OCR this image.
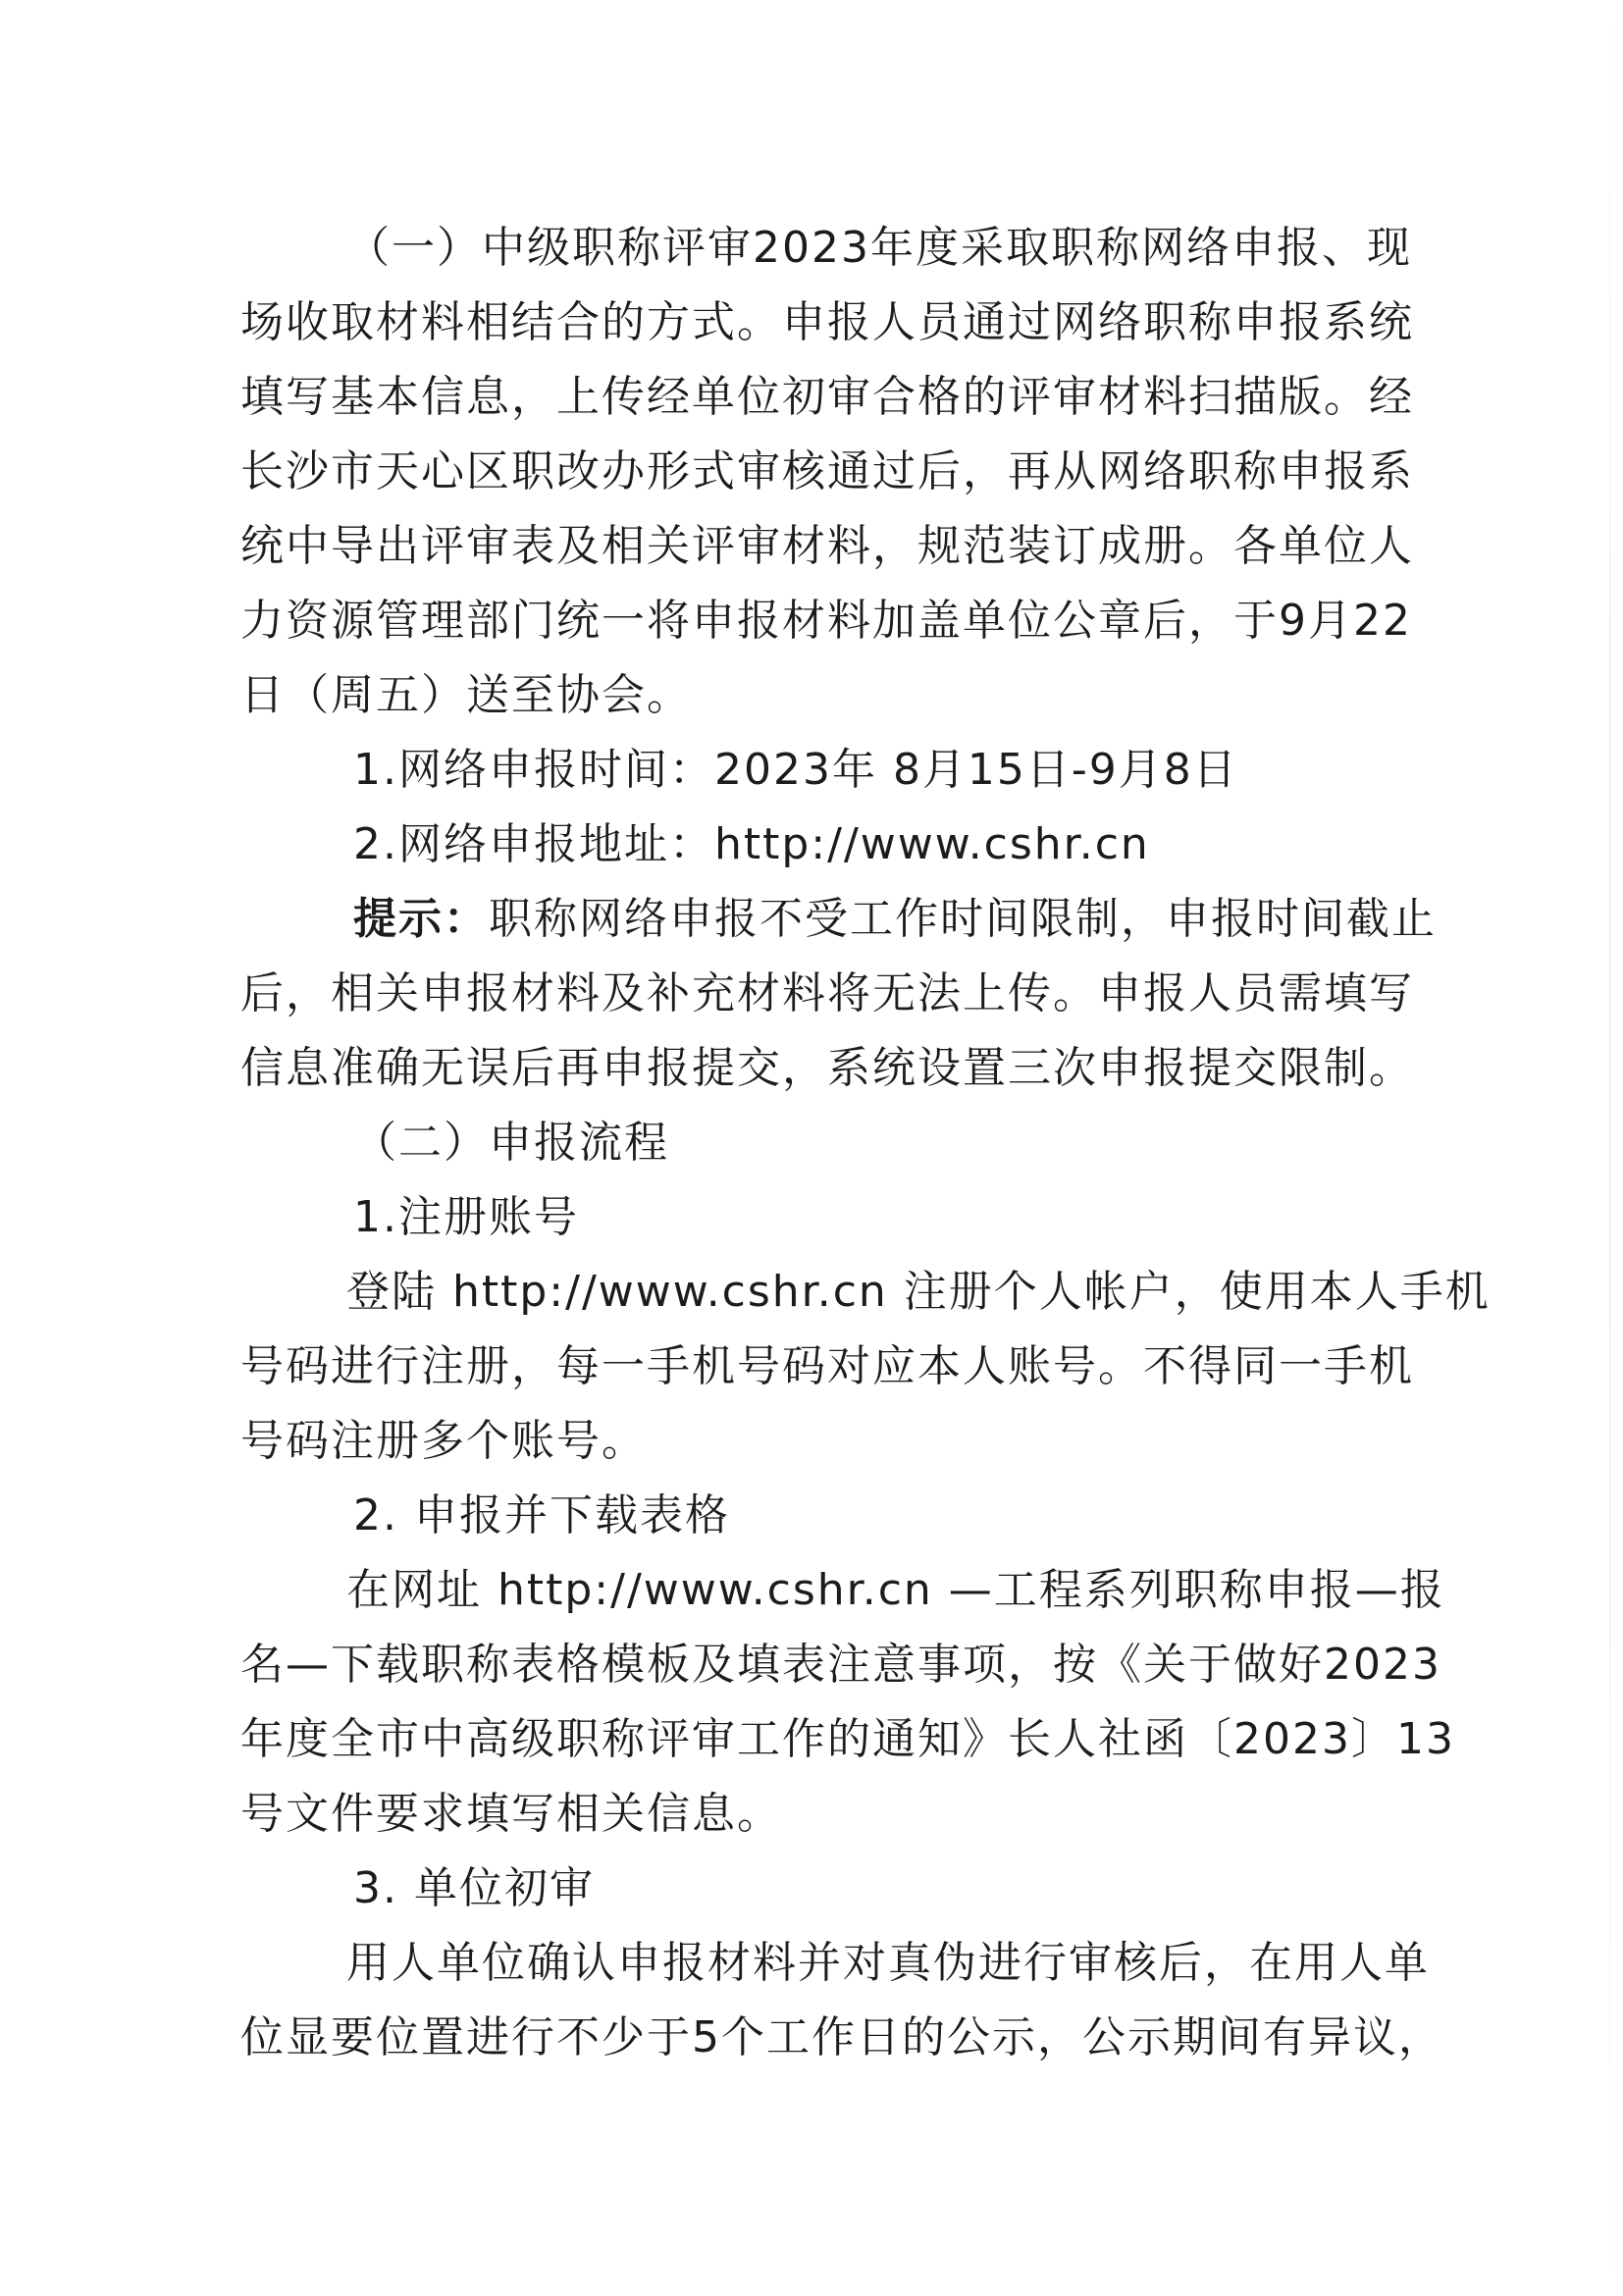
（一）中级职称评审2023年度采取职称网络申报、现
场收取材料相结合的方式。申报人员通过网络职称申报系统
填写基本信息，上传经单位初审合格的评审材料扫描版。经
长沙市天心区职改办形式审核通过后，再从网络职称申报系
统中导出评审表及相关评审材料，规范装订成册。各单位人
力资源管理部门统一将申报材料加盖单位公章后，于9月22
日（周五）送至协会。
1.网络申报时间：2023年 8月15日-9月8日
2.网络申报地址：http://www.cshr.cn
提示：职称网络申报不受工作时间限制，申报时间截止
后，相关申报材料及补充材料将无法上传。申报人员需填写
信息准确无误后再申报提交，系统设置三次申报提交限制。
（二）申报流程
1.注册账号
登陆 http://www.cshr.cn 注册个人帐户，使用本人手机
号码进行注册，每一手机号码对应本人账号。不得同一手机
号码注册多个账号。
2. 申报并下载表格
在网址 http://www.cshr.cn —工程系列职称申报—报
名—下载职称表格模板及填表注意事项，按《关于做好2023
年度全市中高级职称评审工作的通知》长人社函〔2023〕13
号文件要求填写相关信息。
3. 单位初审
用人单位确认申报材料并对真伪进行审核后，在用人单
位显要位置进行不少于5个工作日的公示，公示期间有异议，
